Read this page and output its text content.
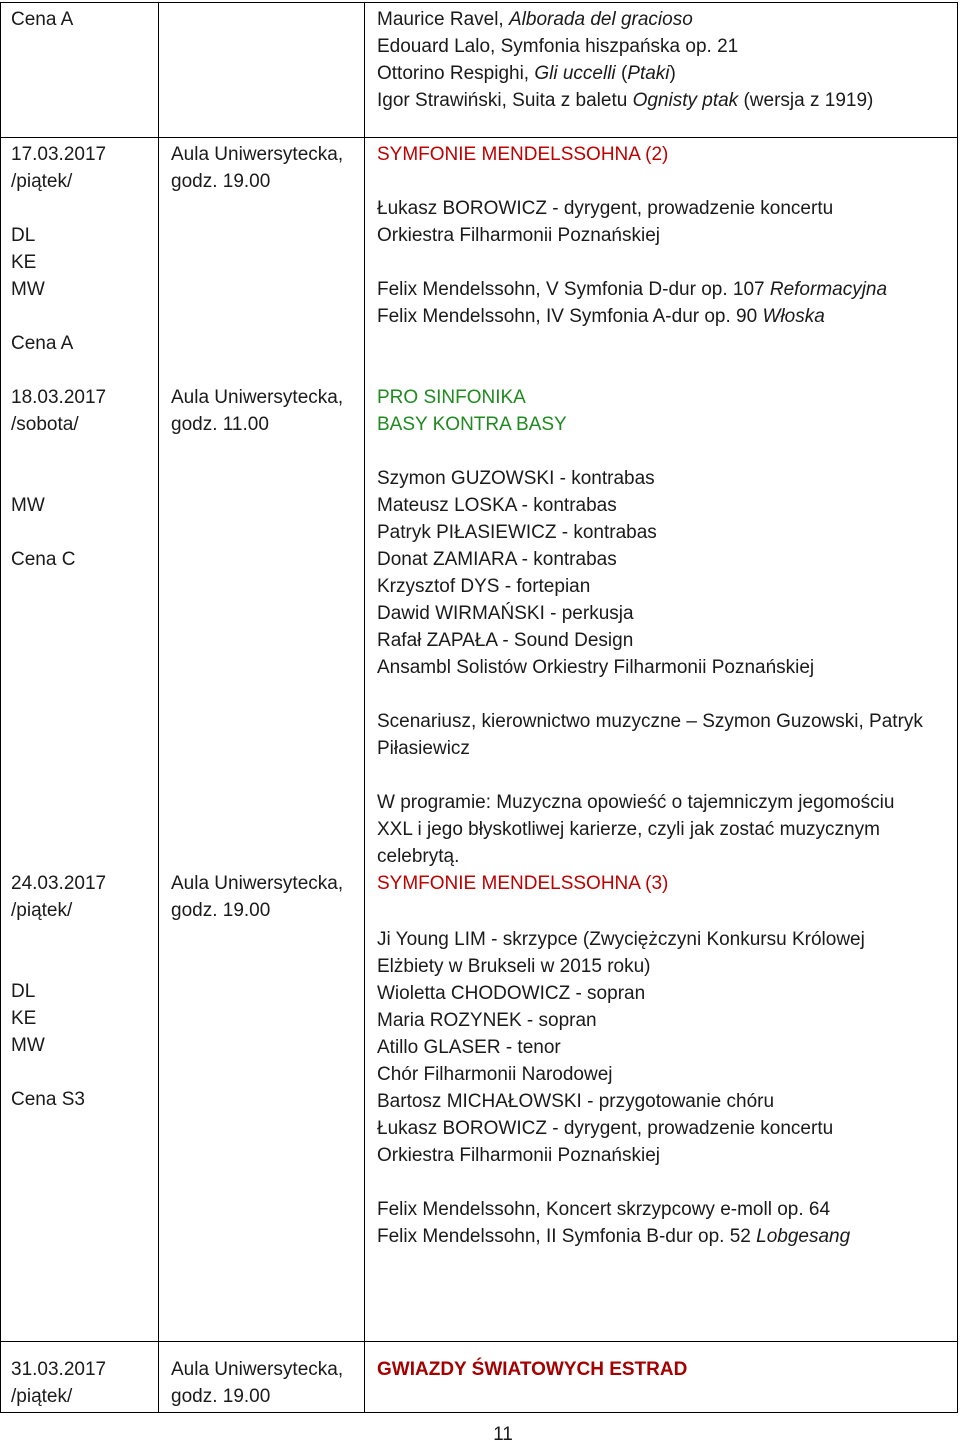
Cena A	Maurice Ravel, Alborada del gracioso
Edouard Lalo, Symfonia hiszpańska op. 21
Ottorino Respighi, Gli uccelli (Ptaki)
Igor Strawiński, Suita z baletu Ognisty ptak (wersja z 1919)
17.03.2017
/piątek/
DL
KE
MW
Cena A
Aula Uniwersytecka,
godz. 19.00
SYMFONIE MENDELSSOHNA (2)
Łukasz BOROWICZ - dyrygent, prowadzenie koncertu
Orkiestra Filharmonii Poznańskiej
Felix Mendelssohn, V Symfonia D-dur op. 107 Reformacyjna
Felix Mendelssohn, IV Symfonia A-dur op. 90 Włoska
18.03.2017
/sobota/
MW
Cena C
Aula Uniwersytecka,
godz. 11.00
PRO SINFONIKA
BASY KONTRA BASY
Szymon GUZOWSKI - kontrabas
Mateusz LOSKA - kontrabas
Patryk PIŁASIEWICZ - kontrabas
Donat ZAMIARA - kontrabas
Krzysztof DYS - fortepian
Dawid WIRMAŃSKI - perkusja
Rafał ZAPAŁA - Sound Design
Ansambl Solistów Orkiestry Filharmonii Poznańskiej
Scenariusz, kierownictwo muzyczne – Szymon Guzowski, Patryk
Piłasiewicz
W programie: Muzyczna opowieść o tajemniczym jegomościu
XXL i jego błyskotliwej karierze, czyli jak zostać muzycznym
celebrytą.
24.03.2017
/piątek/
DL
KE
MW
Cena S3
Aula Uniwersytecka,
godz. 19.00
SYMFONIE MENDELSSOHNA (3)
Ji Young LIM - skrzypce (Zwyciężczyni Konkursu Królowej
Elżbiety w Brukseli w 2015 roku)
Wioletta CHODOWICZ - sopran
Maria ROZYNEK - sopran
Atillo GLASER - tenor
Chór Filharmonii Narodowej
Bartosz MICHAŁOWSKI - przygotowanie chóru
Łukasz BOROWICZ - dyrygent, prowadzenie koncertu
Orkiestra Filharmonii Poznańskiej
Felix Mendelssohn, Koncert skrzypcowy e-moll op. 64
Felix Mendelssohn, II Symfonia B-dur op. 52 Lobgesang
31.03.2017
/piątek/
Aula Uniwersytecka,
godz. 19.00
GWIAZDY ŚWIATOWYCH ESTRAD
11
